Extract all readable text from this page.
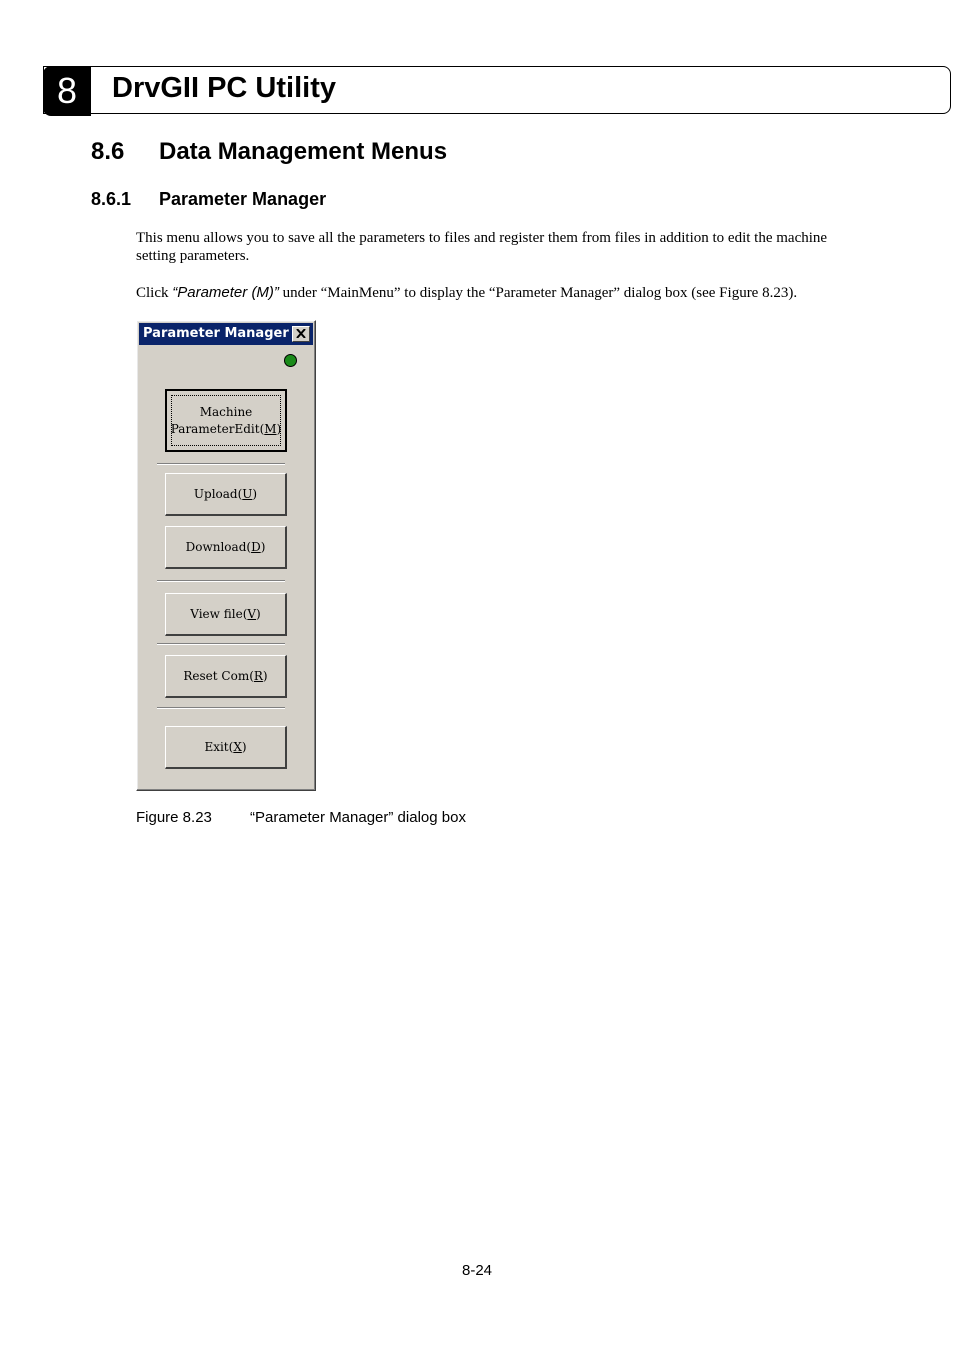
8	DrvGII PC Utility
8.6 Data Management Menus
8.6.1 Parameter Manager
This menu allows you to save all the parameters to files and register them from files in addition to edit the machine setting parameters.
Click “Parameter (M)” under “MainMenu” to display the “Parameter Manager” dialog box (see Figure 8.23).
Parameter Manager
Machine
ParameterEdit(M)
Upload(U)
Download(D)
View file(V)
Reset Com(R)
Exit(X)
Figure 8.23	“Parameter Manager” dialog box
8-24
